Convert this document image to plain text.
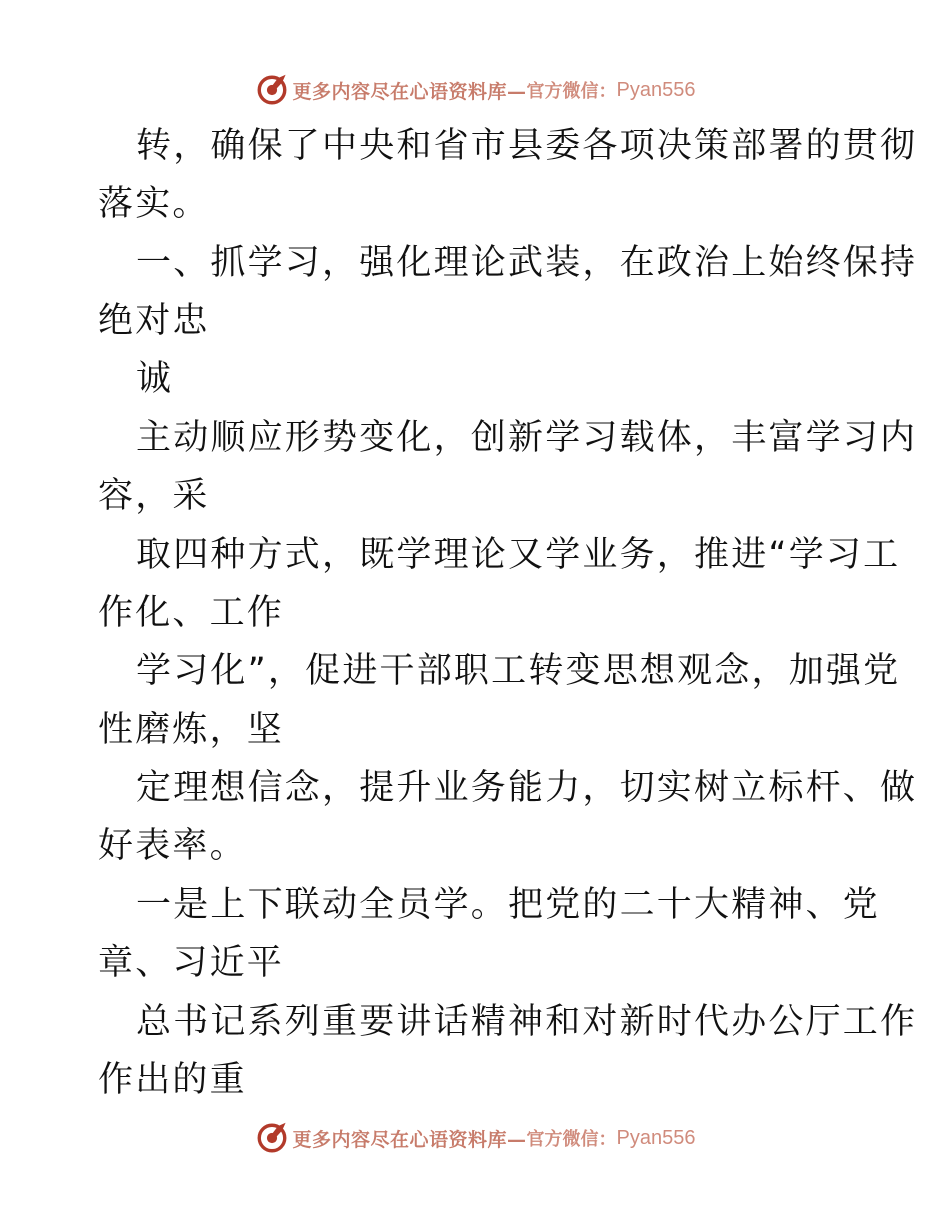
更多内容尽在心语资料库— 官方微信： Pyan556
转，确保了中央和省市县委各项决策部署的贯彻
落实。
一、抓学习，强化理论武装，在政治上始终保持
绝对忠
诚
主动顺应形势变化，创新学习载体，丰富学习内
容，采
取四种方式，既学理论又学业务，推进“学习工
作化、工作
学习化”，促进干部职工转变思想观念，加强党
性磨炼，坚
定理想信念，提升业务能力，切实树立标杆、做
好表率。
一是上下联动全员学。把党的二十大精神、党
章、习近平
总书记系列重要讲话精神和对新时代办公厅工作
作出的重
更多内容尽在心语资料库— 官方微信： Pyan556
